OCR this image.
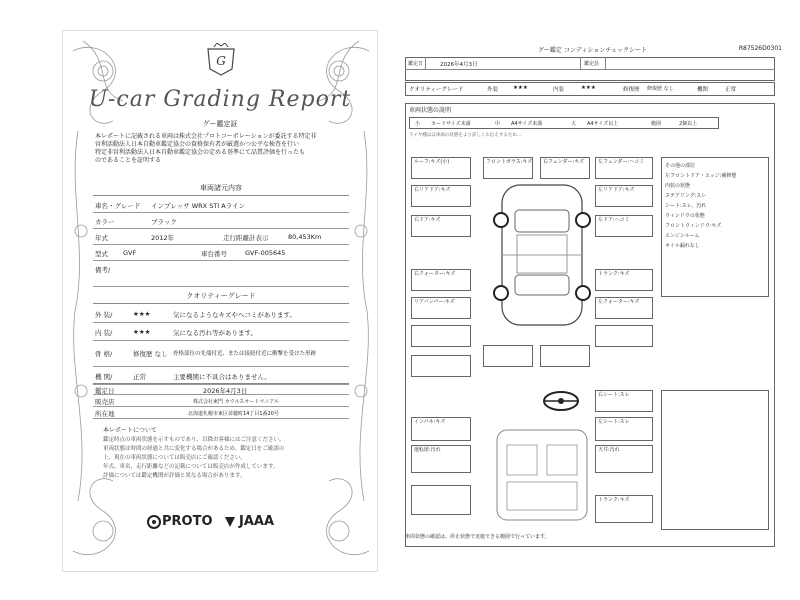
G
U-car Grading Report
グー鑑定証
本レポートに記載される車両は株式会社プロトコーポレーションが委託する特定非
営利活動法人日本自動車鑑定協会の資格保有者が厳選かつ公平な検査を行い
特定非営利活動法人日本自動車鑑定協会の定める基準にて品質評価を行ったも
のであることを証明する
車両諸元内容
車名・グレード インプレッサ WRX STI Aライン
カラー	ブラック
年式	2012年	走行距離計表示	80,453Km
型式 GVF	車台番号	GVF-005645
備考/
クオリティーグレード
外 装/	★★★	気になるようなキズやへコミがあります。
内 装/	★★★	気になる汚れ等があります。
骨 格/	修復歴 なし 骨格部位の先端付近、または接続付近に衝撃を受けた形跡
機 関/	正常	主要機関に不具合はありません。
鑑定日	2026年4月3日
販売店	株式会社東門 カウルスオートマニアル
所在地	北海道札幌市東区苗穂町14丁目1番20号
本レポートについて
鑑定時点の車両状態を示すものであり、以降お客様にはご注意ください。
車両状態は時間の経過と共に変化する場合があるため、鑑定日をご確認の
上、現在の車両状態については販売店にご確認ください。
年式、車名、走行距離などの記載については販売店が作成しています。
評価については鑑定機関が評価と異なる場合があります。
PROTO JAAA
グー鑑定 コンディションチェックシート	R87526D0301
鑑定日	2026年4月3日	鑑定員
クオリティーグレード	外装	★★★	内装	★★★	修復歴 修復歴 なし	機関	正常
車両状態の説明
小 カードサイズ未満	中 A4サイズ未満	大 A4サイズ以上	範囲	2個以上
ライヤ種はは車両の状態をより詳しくお伝えするため…
ルーフ:キズ(小)	フロントガラス:キズ 右フェンダー:キズ	左フェンダー:ヘコミ
右リアドア:キズ	左リアドア:キズ
右ドア:キズ	左ドア:ヘコミ
右クォーター:キズ	トランク:キズ
リアバンパー:キズ	左クォーター:キズ
その他の部位
左フロントドア・エッジ:補修歴
内装の状態
ステアリング:スレ
シート:スレ、汚れ
ウィンドウの状態
フロントウィンドウ:キズ
エンジンルーム
オイル漏れなし
インパネ:キズ
右シート:スレ
左シート:スレ
運転席:汚れ	天井:汚れ
トランク:キズ
車両状態の確認は、停止状態で実施できる範囲で行っています。
